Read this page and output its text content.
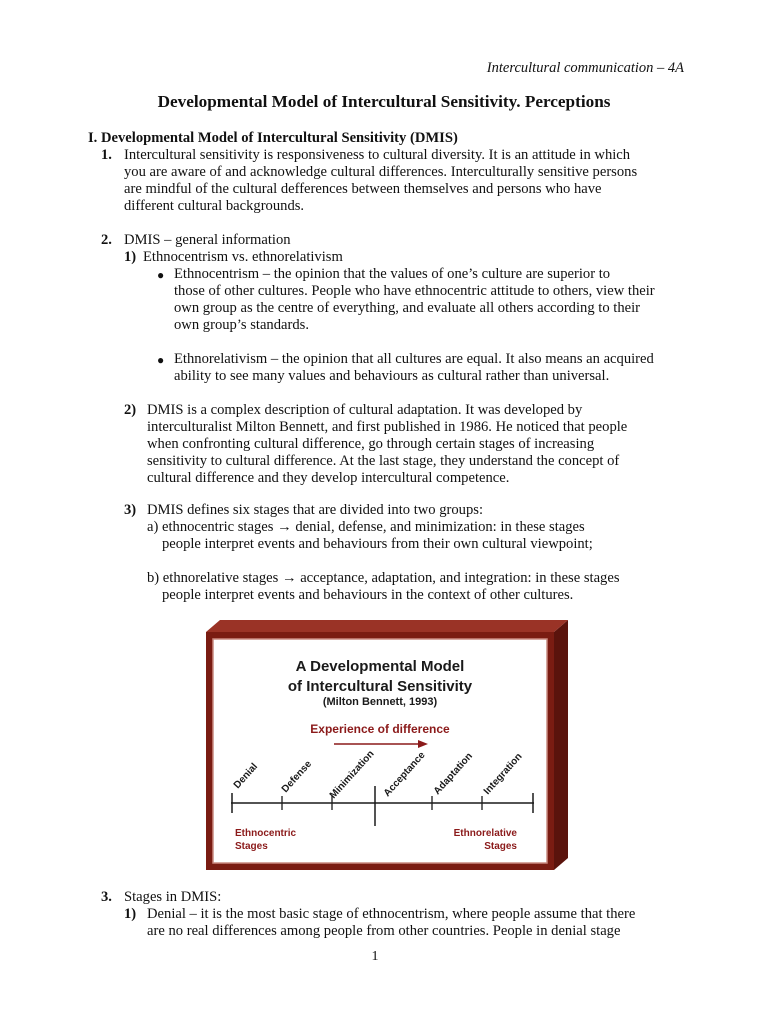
Intercultural communication – 4A
Developmental Model of Intercultural Sensitivity. Perceptions
I. Developmental Model of Intercultural Sensitivity (DMIS)
1. Intercultural sensitivity is responsiveness to cultural diversity. It is an attitude in which
you are aware of and acknowledge cultural differences. Interculturally sensitive persons
are mindful of the cultural defferences between themselves and persons who have
different cultural backgrounds.
2. DMIS – general information
1) Ethnocentrism vs. ethnorelativism
● Ethnocentrism – the opinion that the values of one’s culture are superior to
those of other cultures. People who have ethnocentric attitude to others, view their
own group as the centre of everything, and evaluate all others according to their
own group’s standards.
● Ethnorelativism – the opinion that all cultures are equal. It also means an acquired
ability to see many values and behaviours as cultural rather than universal.
2) DMIS is a complex description of cultural adaptation. It was developed by
interculturalist Milton Bennett, and first published in 1986. He noticed that people
when confronting cultural difference, go through certain stages of increasing
sensitivity to cultural difference. At the last stage, they understand the concept of
cultural difference and they develop intercultural competence.
3) DMIS defines six stages that are divided into two groups:
a) ethnocentric stages → denial, defense, and minimization: in these stages
people interpret events and behaviours from their own cultural viewpoint;
b) ethnorelative stages → acceptance, adaptation, and integration: in these stages
people interpret events and behaviours in the context of other cultures.
A Developmental Model
of Intercultural Sensitivity
(Milton Bennett, 1993)
Experience of difference
Denial Defense Minimization Acceptance Adaptation Integration
Ethnocentric
Stages
Ethnorelative
Stages
3. Stages in DMIS:
1) Denial – it is the most basic stage of ethnocentrism, where people assume that there
are no real differences among people from other countries. People in denial stage
1
